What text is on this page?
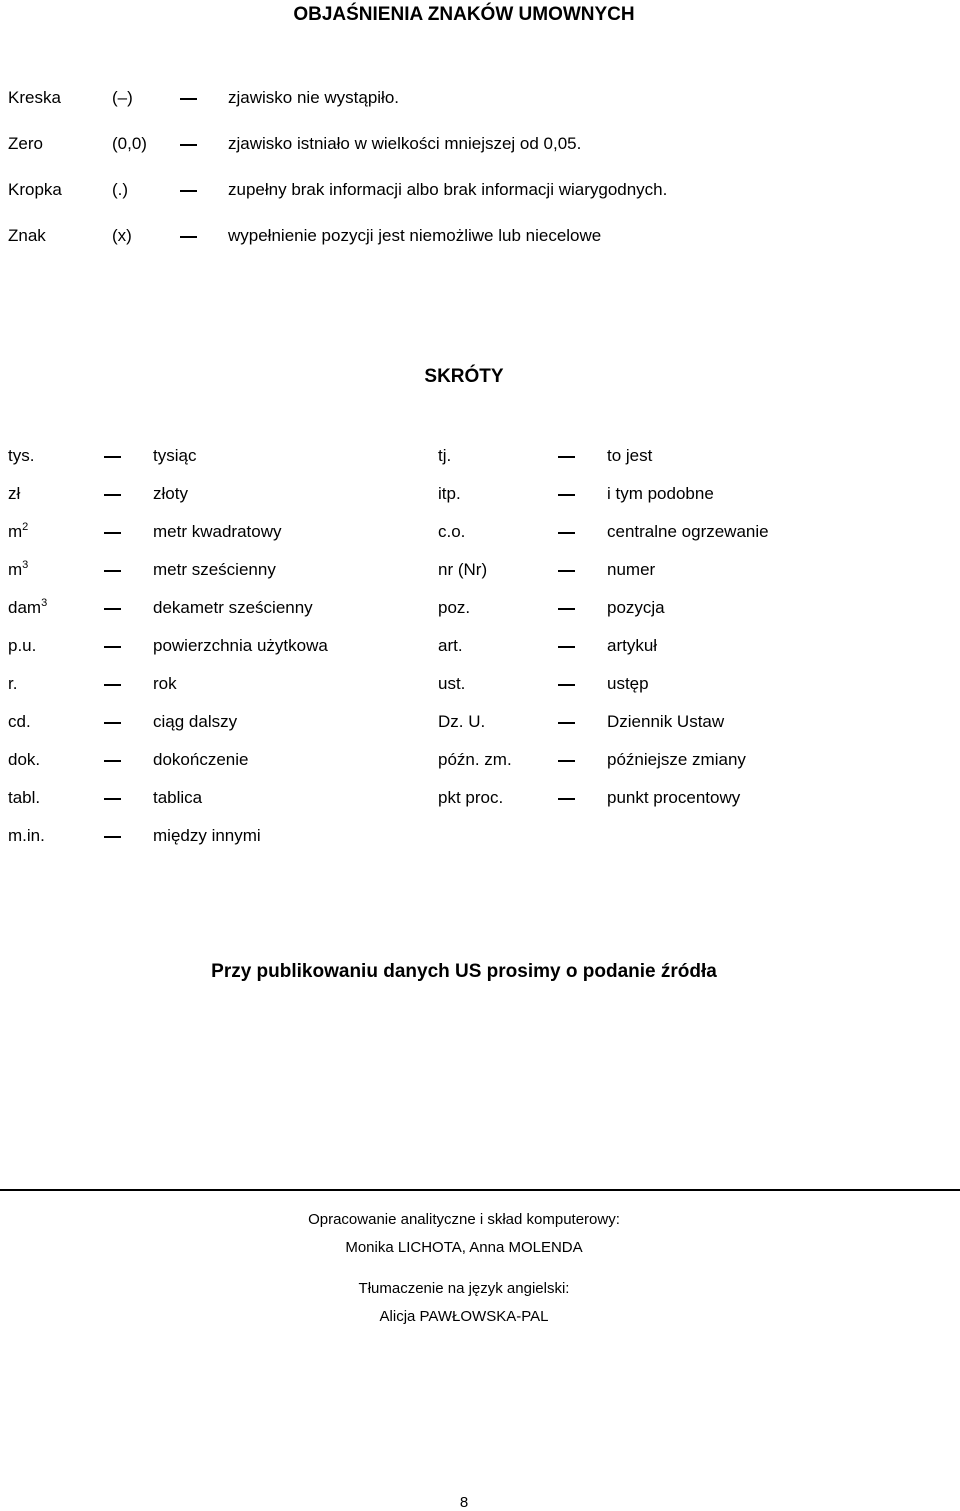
OBJAŚNIENIA ZNAKÓW UMOWNYCH
Kreska	(–)	zjawisko nie wystąpiło.
Zero	(0,0)	zjawisko istniało w wielkości mniejszej od 0,05.
Kropka	(.)	zupełny brak informacji albo brak informacji wiarygodnych.
Znak	(x)	wypełnienie pozycji jest niemożliwe lub niecelowe
SKRÓTY
tys.	tysiąc	tj.	to jest
zł	złoty	itp.	i tym podobne
$m^2$	metr kwadratowy	c.o.	centralne ogrzewanie
$m^3$	metr sześcienny	nr (Nr)	numer
dam$^3$	dekametr sześcienny	poz.	pozycja
p.u.	powierzchnia użytkowa	art.	artykuł
r.	rok	ust.	ustęp
cd.	ciąg dalszy	Dz. U.	Dziennik Ustaw
dok.	dokończenie	późn. zm.	późniejsze zmiany
tabl.	tablica	pkt proc.	punkt procentowy
m.in.	między innymi
Przy publikowaniu danych US prosimy o podanie źródła
Opracowanie analityczne i skład komputerowy:
Monika LICHOTA, Anna MOLENDA
Tłumaczenie na język angielski:
Alicja PAWŁOWSKA-PAL
8
